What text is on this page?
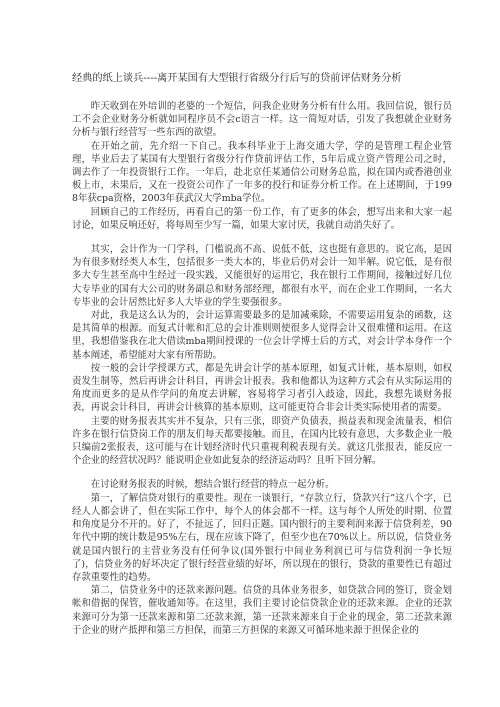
经典的纸上谈兵----离开某国有大型银行省级分行后写的贷前评估财务分析

昨天收到在外培训的老婆的一个短信，问我企业财务分析有什么用。我回信说，银行员工不会企业财务分析就如同程序员不会c语言一样。这一简短对话，引发了我想就企业财务分析与银行经营写一些东西的欲望。

在开始之前，先介绍一下自己。我本科毕业于上海交通大学，学的是管理工程企业管理，毕业后去了某国有大型银行省级分行作贷前评估工作，5年后成立资产管理公司之时，调去作了一年投资银行工作。一年后，赴北京任某通信公司财务总监，拟在国内或香港创业板上市，未果后，又在一投资公司作了一年多的投行和证券分析工作。在上述期间，于1998年获cpa资格，2003年获武汉大学mba学位。

回顾自己的工作经历，再看自己的第一份工作，有了更多的体会，想写出来和大家一起讨论，如果反响还好，将每周至少写一篇，如果大家讨厌，我就自动消失好了。

其实，会计作为一门学科，门槛说高不高、说低不低，这也挺有意思的。说它高，是因为有很多财经类人本生，包括很多一类大本的，毕业后仍对会计一知半解。说它低，是有很多大专生甚至高中生经过一段实践，又能很好的运用它，我在银行工作期间，接触过好几位大专毕业的国有大公司的财务副总和财务部经理，都很有水平，而在企业工作期间，一名大专毕业的会计居然比好多人大毕业的学生要强很多。

对此，我是这么认为的，会计运算需要最多的是加减乘除，不需要运用复杂的函数，这是其简单的根源。而复式计帐和汇总的会计准则则使很多人觉得会计又很难懂和运用。在这里，我想借鉴我在北大借读mba期间授课的一位会计学博士后的方式，对会计学本身作一个基本阐述，希望能对大家有所帮助。

按一般的会计学授课方式，都是先讲会计学的基本原理，如复式计帐，基本原则，如权责发生制等，然后再讲会计科目，再讲会计报表。我和他都认为这种方式会有从实际运用的角度而更多的是从作学问的角度去讲解，容易将学习者引入歧途，因此，我想先谈财务报表，再说会计科目，再讲会计核算的基本原则，这可能更符合非会计类实际使用者的需要。

主要的财务报表其实并不复杂，只有三张，即资产负债表，损益表和现金流量表，相信许多在银行信贷岗工作的朋友们每天都要接触。而且，在国内比较有意思，大多数企业一般只编前2张报表，这可能与在计划经济时代只重视利税表现有关。就这几张报表，能反应一个企业的经营状况吗？能说明企业如此复杂的经济运动吗？且听下回分解。

在讨论财务报表的时候，想结合银行经营的特点一起分析。

第一，了解信贷对银行的重要性。现在一谈银行，“存款立行，贷款兴行”这八个字，已经人人都会讲了，但在实际工作中，每个人的体会都不一样。这与每个人所处的时期、位置和角度是分不开的。好了，不扯远了，回归正题。国内银行的主要利润来源于信贷利差，90年代中期的统计数是95%左右，现在应该下降了，但至少也在70%以上。所以说，信贷业务就是国内银行的主营业务没有任何争议(国外银行中间业务利润已可与信贷利润一争长短了)，信贷业务的好坏决定了银行经营业绩的好坏，所以现在的银行，贷款的重要性已有超过存款重要性的趋势。

第二，信贷业务中的还款来源问题。信贷的具体业务很多，如贷款合同的签订，资金划帐和借据的保管，催收通知等。在这里，我们主要讨论信贷款企业的还款来源。企业的还款来源可分为第一还款来源和第二还款来源，第一还款来源来自于企业的现金，第二还款来源于企业的财产抵押和第三方担保，而第三方担保的来源又可循环地来源于担保企业的
